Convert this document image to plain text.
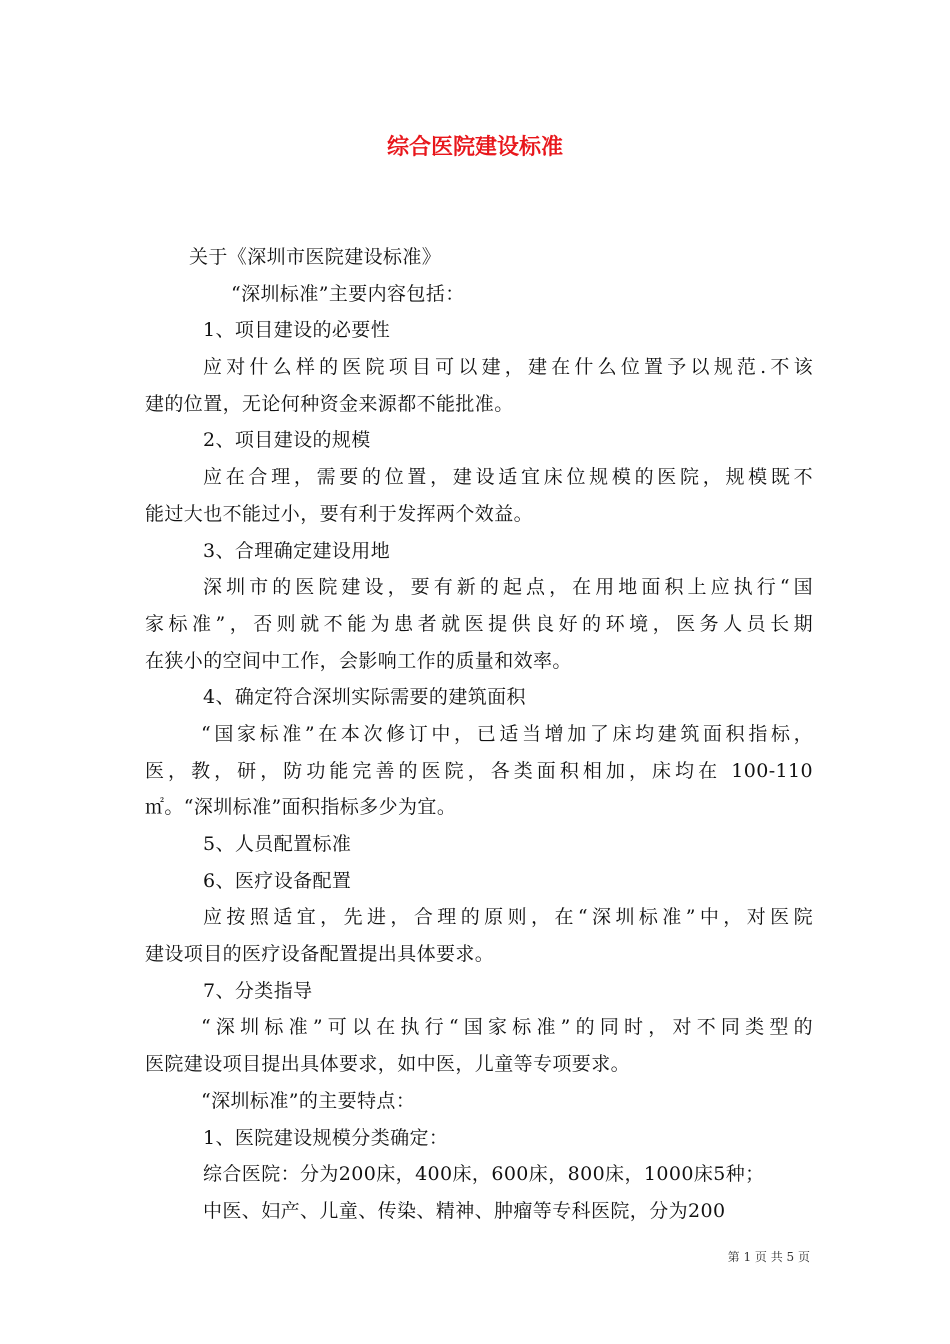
综合医院建设标准
关于《深圳市医院建设标准》
“深圳标准”主要内容包括：
1、项目建设的必要性
应对什么样的医院项目可以建，建在什么位置予以规范.不该
建的位置，无论何种资金来源都不能批准。
2、项目建设的规模
应在合理，需要的位置，建设适宜床位规模的医院，规模既不
能过大也不能过小，要有利于发挥两个效益。
3、合理确定建设用地
深圳市的医院建设，要有新的起点，在用地面积上应执行“国
家标准”，否则就不能为患者就医提供良好的环境，医务人员长期
在狭小的空间中工作，会影响工作的质量和效率。
4、确定符合深圳实际需要的建筑面积
“国家标准”在本次修订中，已适当增加了床均建筑面积指标，
医，教，研，防功能完善的医院，各类面积相加，床均在 100-110
㎡。“深圳标准”面积指标多少为宜。
5、人员配置标准
6、医疗设备配置
应按照适宜，先进，合理的原则，在“深圳标准”中，对医院
建设项目的医疗设备配置提出具体要求。
7、分类指导
“深圳标准”可以在执行“国家标准”的同时，对不同类型的
医院建设项目提出具体要求，如中医，儿童等专项要求。
“深圳标准”的主要特点：
1、医院建设规模分类确定：
综合医院：分为200床，400床，600床，800床，1000床5种；
中医、妇产、儿童、传染、精神、肿瘤等专科医院，分为200
第 1 页 共 5 页
